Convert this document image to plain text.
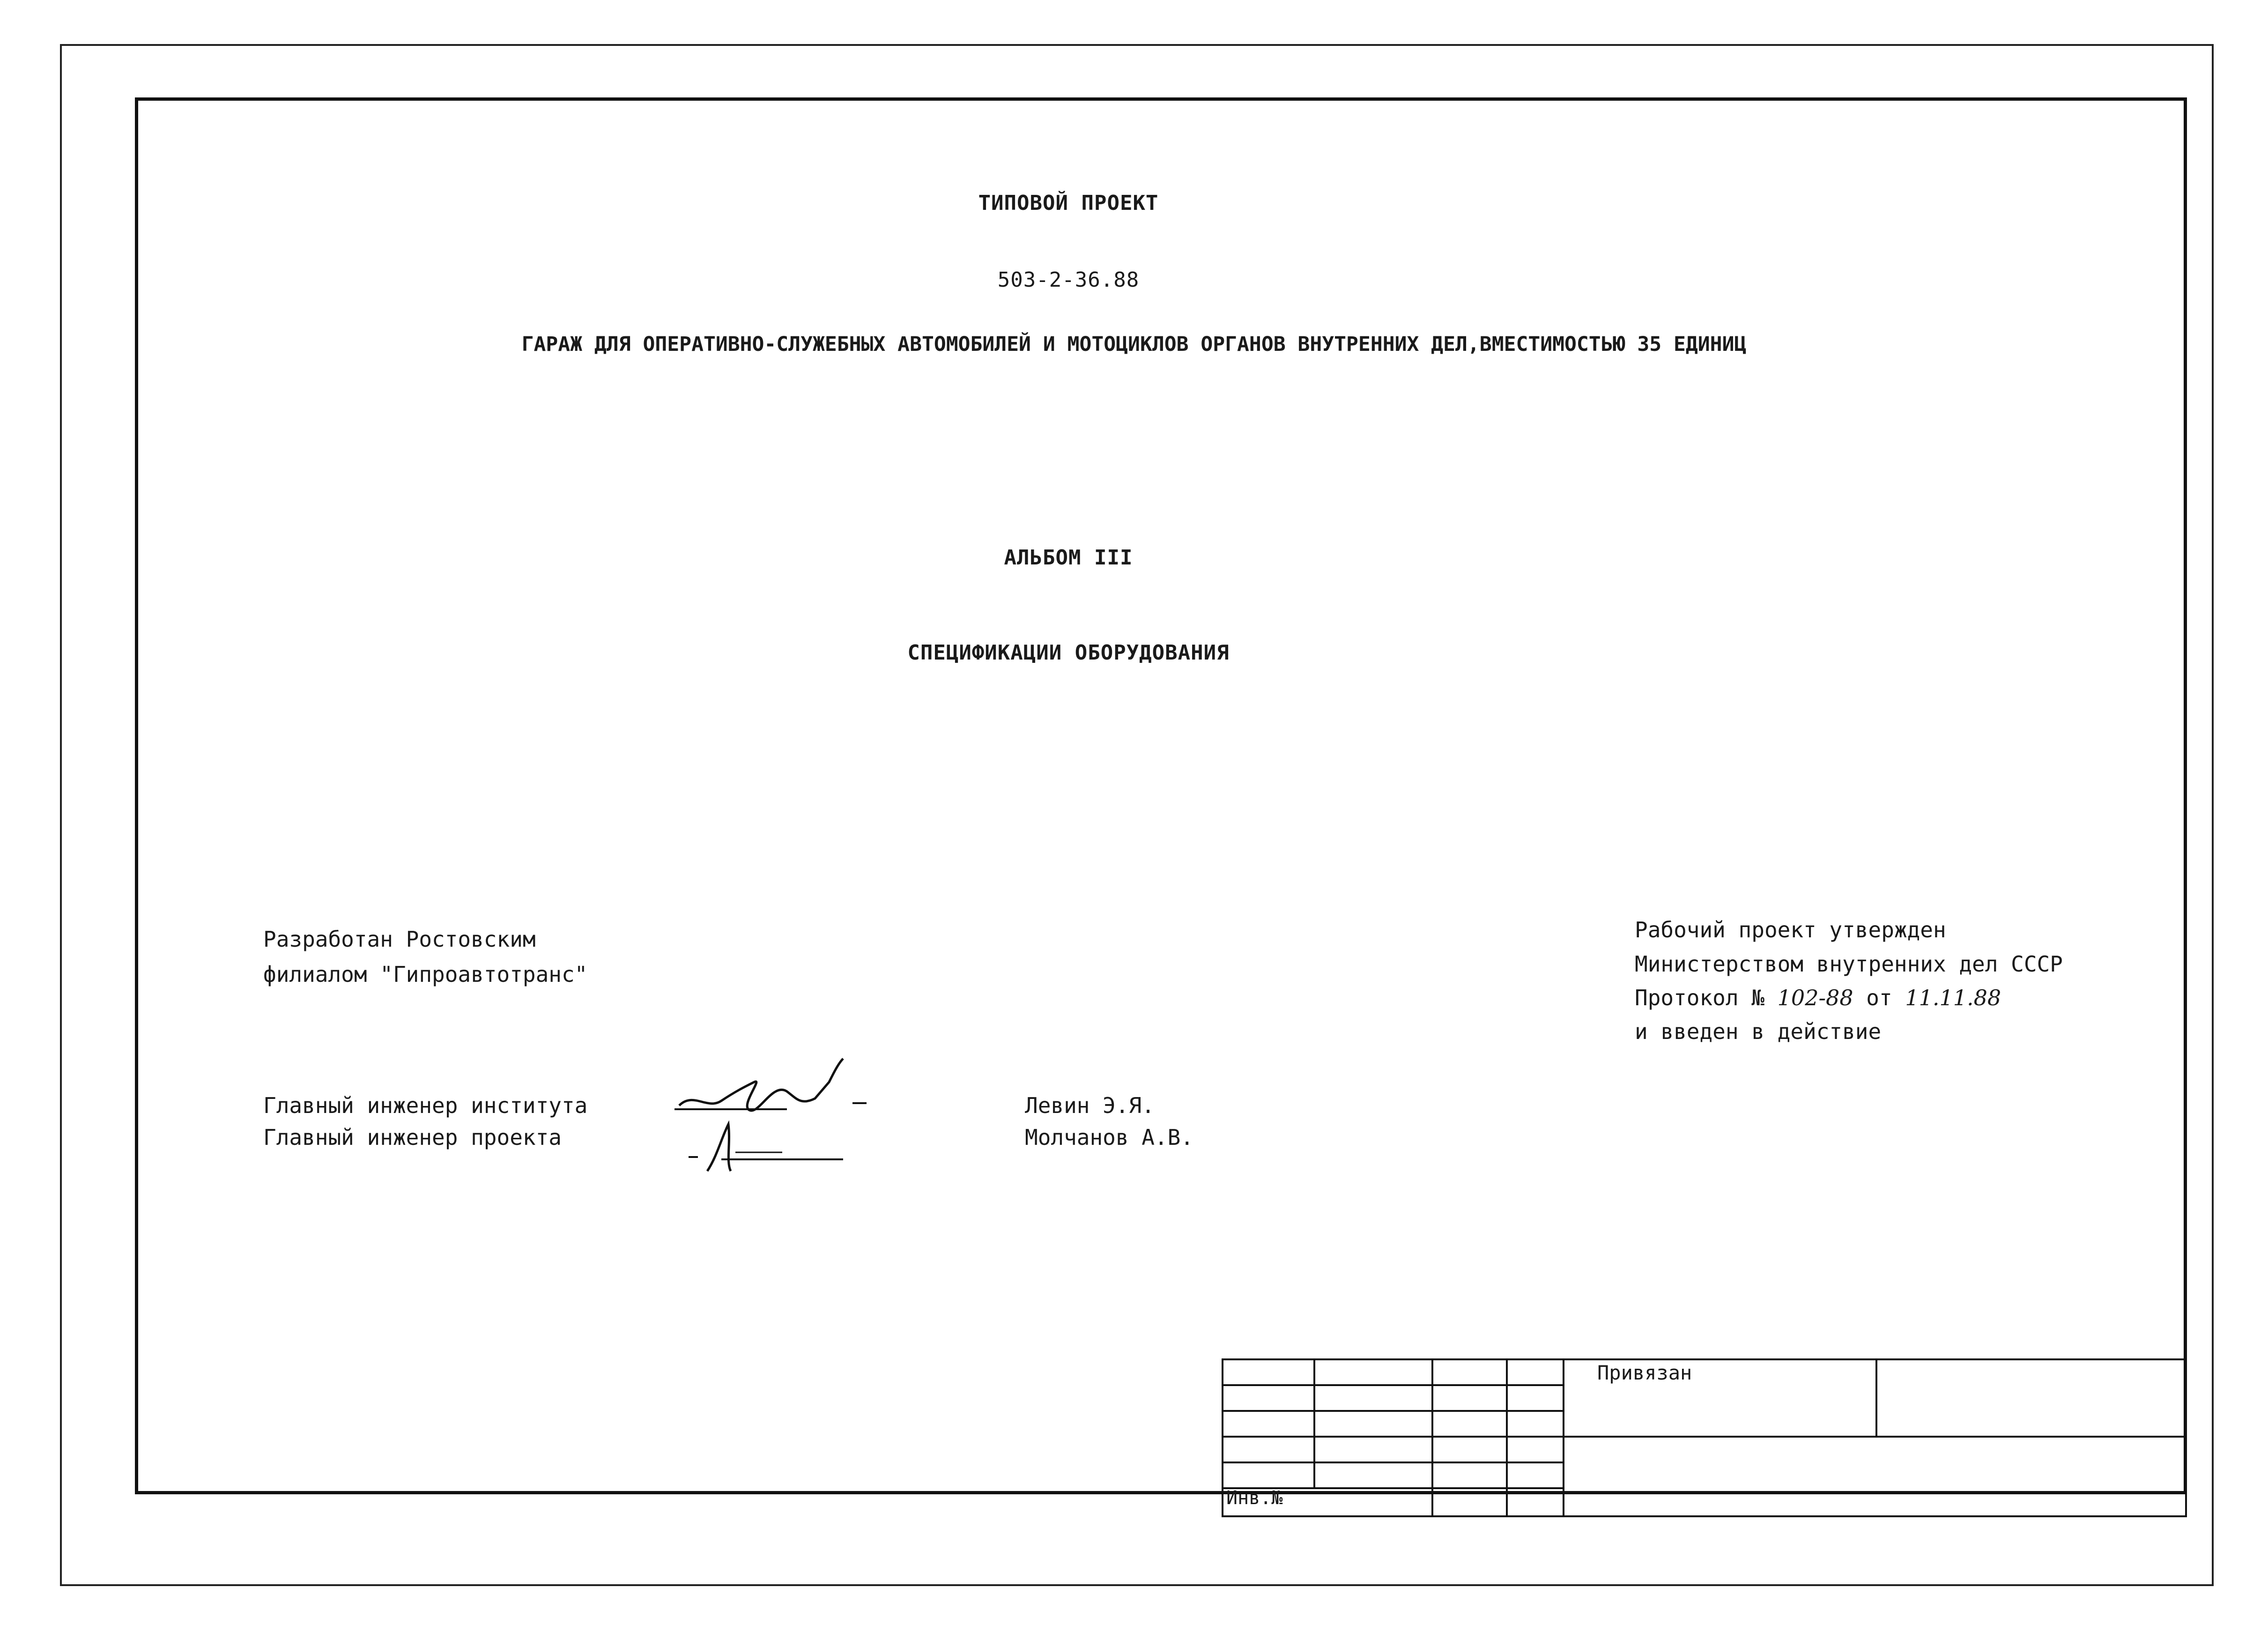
ТИПОВОЙ ПРОЕКТ
503-2-36.88
ГАРАЖ ДЛЯ ОПЕРАТИВНО-СЛУЖЕБНЫХ АВТОМОБИЛЕЙ И МОТОЦИКЛОВ ОРГАНОВ ВНУТРЕННИХ ДЕЛ,ВМЕСТИМОСТЬЮ 35 ЕДИНИЦ
АЛЬБОМ III
СПЕЦИФИКАЦИИ ОБОРУДОВАНИЯ
Разработан Ростовским
филиалом "Гипроавтотранс"
Рабочий проект утвержден
Министерством внутренних дел СССР
Протокол № 102-88 от 11.11.88
и введен в действие
Главный инженер института
Главный инженер проекта
Левин Э.Я.
Молчанов А.В.

Привязан
Инв.№
